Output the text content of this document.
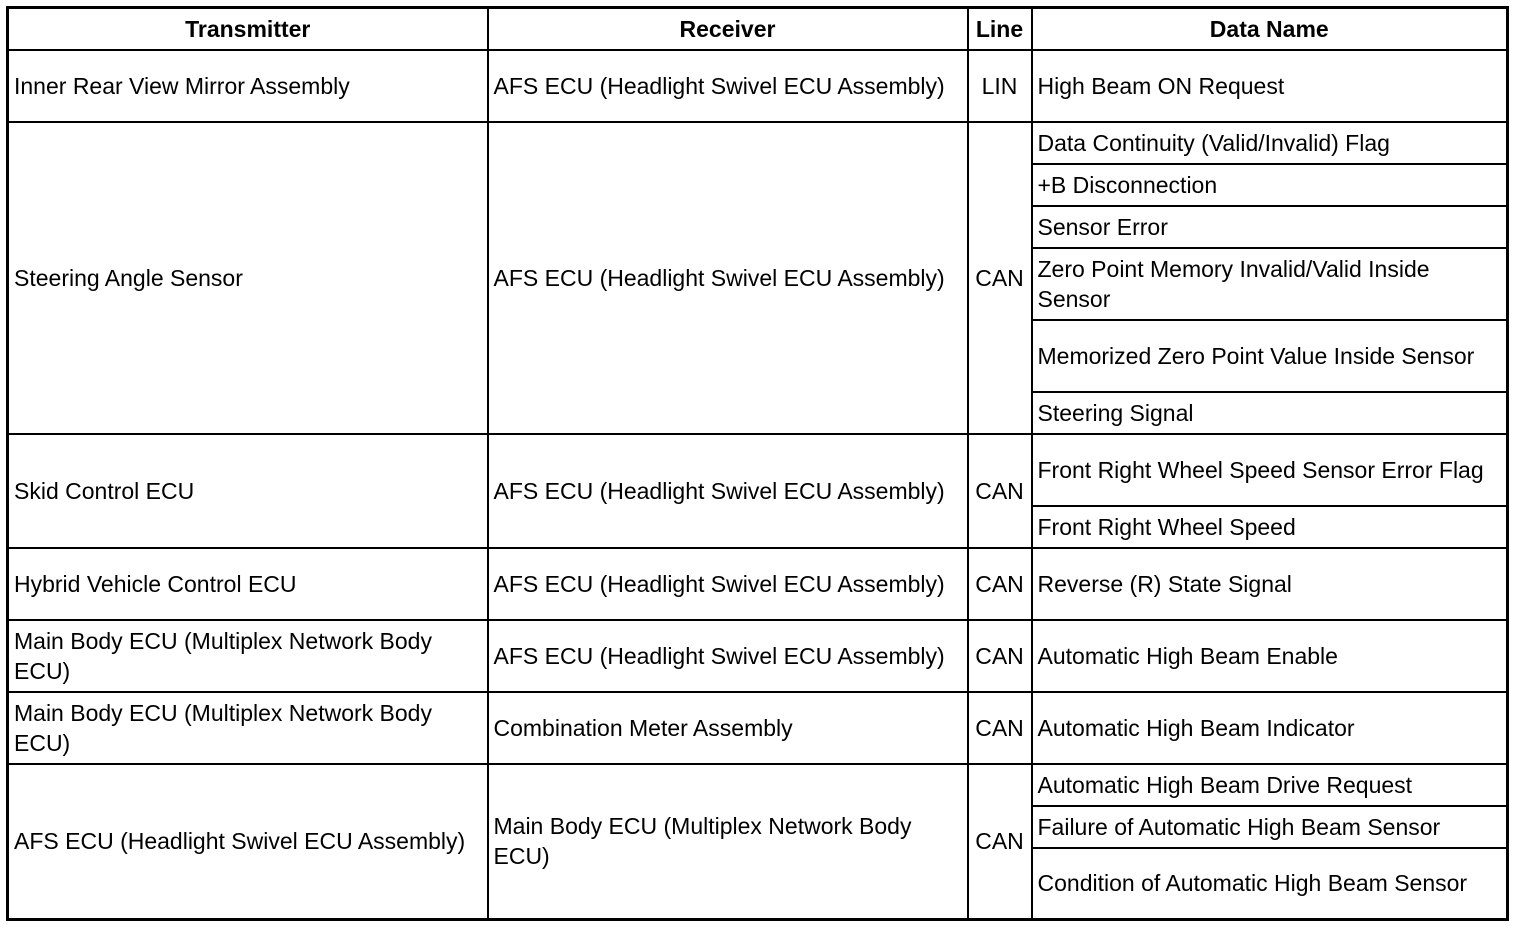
Transmitter	Receiver	Line	Data Name
Inner Rear View Mirror Assembly	AFS ECU (Headlight Swivel ECU Assembly)	LIN	High Beam ON Request
Steering Angle Sensor	AFS ECU (Headlight Swivel ECU Assembly)	CAN	Data Continuity (Valid/Invalid) Flag
			+B Disconnection
			Sensor Error
			Zero Point Memory Invalid/Valid Inside Sensor
			Memorized Zero Point Value Inside Sensor
			Steering Signal
Skid Control ECU	AFS ECU (Headlight Swivel ECU Assembly)	CAN	Front Right Wheel Speed Sensor Error Flag
			Front Right Wheel Speed
Hybrid Vehicle Control ECU	AFS ECU (Headlight Swivel ECU Assembly)	CAN	Reverse (R) State Signal
Main Body ECU (Multiplex Network Body ECU)	AFS ECU (Headlight Swivel ECU Assembly)	CAN	Automatic High Beam Enable
Main Body ECU (Multiplex Network Body ECU)	Combination Meter Assembly	CAN	Automatic High Beam Indicator
AFS ECU (Headlight Swivel ECU Assembly)	Main Body ECU (Multiplex Network Body ECU)	CAN	Automatic High Beam Drive Request
			Failure of Automatic High Beam Sensor
			Condition of Automatic High Beam Sensor
